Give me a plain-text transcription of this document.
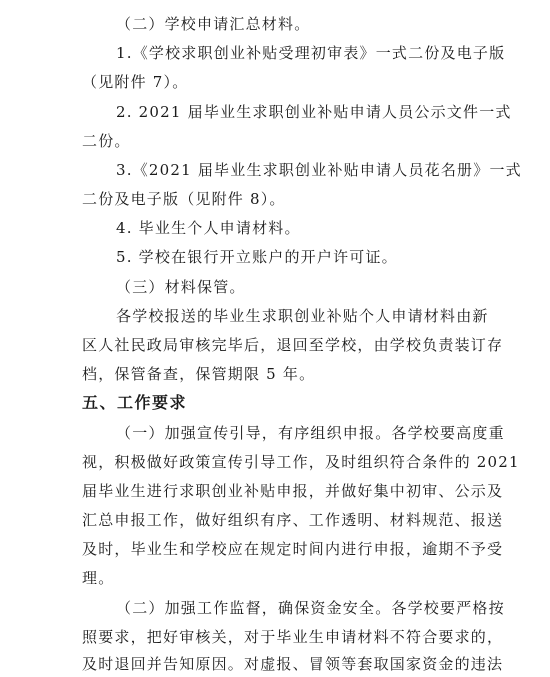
（二）学校申请汇总材料。
1.《学校求职创业补贴受理初审表》一式二份及电子版
（见附件 7）。
2. 2021 届毕业生求职创业补贴申请人员公示文件一式
二份。
3.《2021 届毕业生求职创业补贴申请人员花名册》一式
二份及电子版（见附件 8）。
4. 毕业生个人申请材料。
5. 学校在银行开立账户的开户许可证。
（三）材料保管。
各学校报送的毕业生求职创业补贴个人申请材料由新
区人社民政局审核完毕后，退回至学校，由学校负责装订存
档，保管备查，保管期限 5 年。
五、工作要求
（一）加强宣传引导，有序组织申报。各学校要高度重
视，积极做好政策宣传引导工作，及时组织符合条件的 2021
届毕业生进行求职创业补贴申报，并做好集中初审、公示及
汇总申报工作，做好组织有序、工作透明、材料规范、报送
及时，毕业生和学校应在规定时间内进行申报，逾期不予受
理。
（二）加强工作监督，确保资金安全。各学校要严格按
照要求，把好审核关，对于毕业生申请材料不符合要求的，
及时退回并告知原因。对虚报、冒领等套取国家资金的违法
